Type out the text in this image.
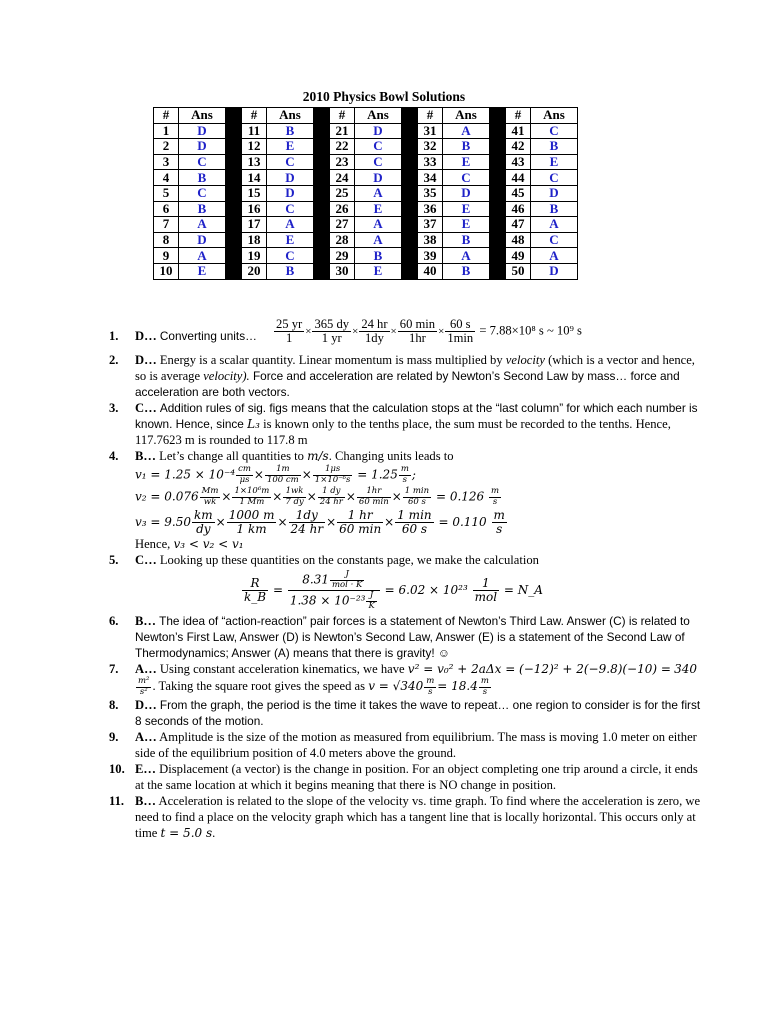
2010 Physics Bowl Solutions
#	Ans		#	Ans		#	Ans		#	Ans		#	Ans
1	D		11	B		21	D		31	A		41	C
2	D		12	E		22	C		32	B		42	B
3	C		13	C		23	C		33	E		43	E
4	B		14	D		24	D		34	C		44	C
5	C		15	D		25	A		35	D		45	D
6	B		16	C		26	E		36	E		46	B
7	A		17	A		27	A		37	E		47	A
8	D		18	E		28	A		38	B		48	C
9	A		19	C		29	B		39	A		49	A
10	E		20	B		30	E		40	B		50	D
1. D… Converting units… $\frac{25 yr}{1} \times \frac{365 dy}{1 yr} \times \frac{24 hr}{1dy} \times \frac{60 \min}{1hr} \times \frac{60 s}{1\min} = 7.88\times 10^8$ s ~ 10⁹ s
2. D… Energy is a scalar quantity. Linear momentum is mass multiplied by velocity (which is a vector and hence, so is average velocity). Force and acceleration are related by Newton’s Second Law by mass… force and acceleration are both vectors.
3. C… Addition rules of sig. figs means that the calculation stops at the “last column” for which each number is known. Hence, since L₃ is known only to the tenths place, the sum must be recorded to the tenths. Hence, 117.7623 m is rounded to 117.8 m
4. B… Let’s change all quantities to m/s. Changing units leads to
$v_1 = 1.25 \times 10^{-4} \frac{cm}{\mu s} \times \frac{1m}{100 cm} \times \frac{1\mu s}{\text{1×10⁻⁶s}} = 1.25 \frac{m}{s}$ ;
$v_2 = 0.076 \frac{Mm}{wk} \times \frac{\text{1×10⁶m}}{1 Mm} \times \frac{1wk}{7 dy} \times \frac{1 dy}{24 hr} \times \frac{1hr}{60 \min} \times \frac{1 \min}{60 s} = 0.126 \frac{m}{s}$
$v_3 = 9.50 \frac{km}{dy} \times \frac{1000 m}{1 km} \times \frac{1dy}{24 hr} \times \frac{1 hr}{60 \min} \times \frac{1 \min}{60 s} = 0.110 \frac{m}{s}$
Hence, v₃ < v₂ < v₁
5. C… Looking up these quantities on the constants page, we make the calculation
$\frac{R}{k\_B} = \frac{8.31 \frac{J}{\text{mol · K}}}{1.38 \times 10^{-23} \frac{J}{K}} = 6.02 \times 10^{23} \frac{1}{\text{mol}}$ = N_A
6. B… The idea of “action-reaction” pair forces is a statement of Newton’s Third Law. Answer (C) is related to Newton’s First Law, Answer (D) is Newton’s Second Law, Answer (E) is a statement of the Second Law of Thermodynamics; Answer (A) means that there is gravity! ☺
7. A… Using constant acceleration kinematics, we have v² = v₀² + 2aΔx = (−12)² + 2(−9.8)(−10) = 340
$\frac{\text{m²}}{\text{s²}}$ . Taking the square root gives the speed as $v = √340 \frac{m}{s} = 18.4 \frac{m}{s}$
8. D… From the graph, the period is the time it takes the wave to repeat… one region to consider is for the first 8 seconds of the motion.
9. A… Amplitude is the size of the motion as measured from equilibrium. The mass is moving 1.0 meter on either side of the equilibrium position of 4.0 meters above the ground.
10. E… Displacement (a vector) is the change in position. For an object completing one trip around a circle, it ends at the same location at which it begins meaning that there is NO change in position.
11. B… Acceleration is related to the slope of the velocity vs. time graph. To find where the acceleration is zero, we need to find a place on the velocity graph which has a tangent line that is locally horizontal. This occurs only at time t = 5.0 s.
